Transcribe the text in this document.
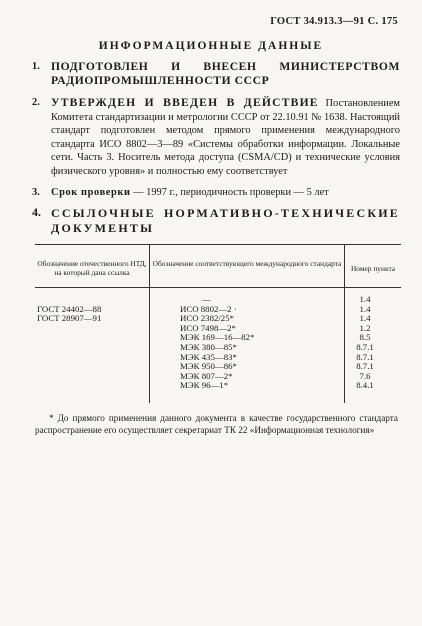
ГОСТ 34.913.3—91 С. 175
ИНФОРМАЦИОННЫЕ ДАННЫЕ
1. ПОДГОТОВЛЕН И ВНЕСЕН МИНИСТЕРСТВОМ РАДИОПРОМЫШЛЕННОСТИ СССР
2. УТВЕРЖДЕН И ВВЕДЕН В ДЕЙСТВИЕ Постановлением Комитета стандартизации и метрологии СССР от 22.10.91 № 1638. Настоящий стандарт подготовлен методом прямого применения международного стандарта ИСО 8802—3—89 «Системы обработки информации. Локальные сети. Часть 3. Носитель метода доступа (CSMA/CD) и технические условия физического уровня» и полностью ему соответствует
3. Срок проверки — 1997 г., периодичность проверки — 5 лет
4. ССЫЛОЧНЫЕ НОРМАТИВНО-ТЕХНИЧЕСКИЕ ДОКУМЕНТЫ
Обозначение отечественного НТД, на который дана ссылка	Обозначение соответствующего международного стандарта	Номер пункта
	—	1.4
ГОСТ 24402—88	ИСО 8802—2 ·	1.4
ГОСТ 28907—91	ИСО 2382/25*	1.4
	ИСО 7498—2*	1.2
	МЭК 169—16—82*	8.5
	МЭК 380—85*	8.7.1
	МЭК 435—83*	8.7.1
	МЭК 950—86*	8.7.1
	МЭК 807—2*	7.6
	МЭК 96—1*	8.4.1
* До прямого применения данного документа в качестве государственного стандарта распространение его осуществляет секретариат ТК 22 «Информационная технология»
